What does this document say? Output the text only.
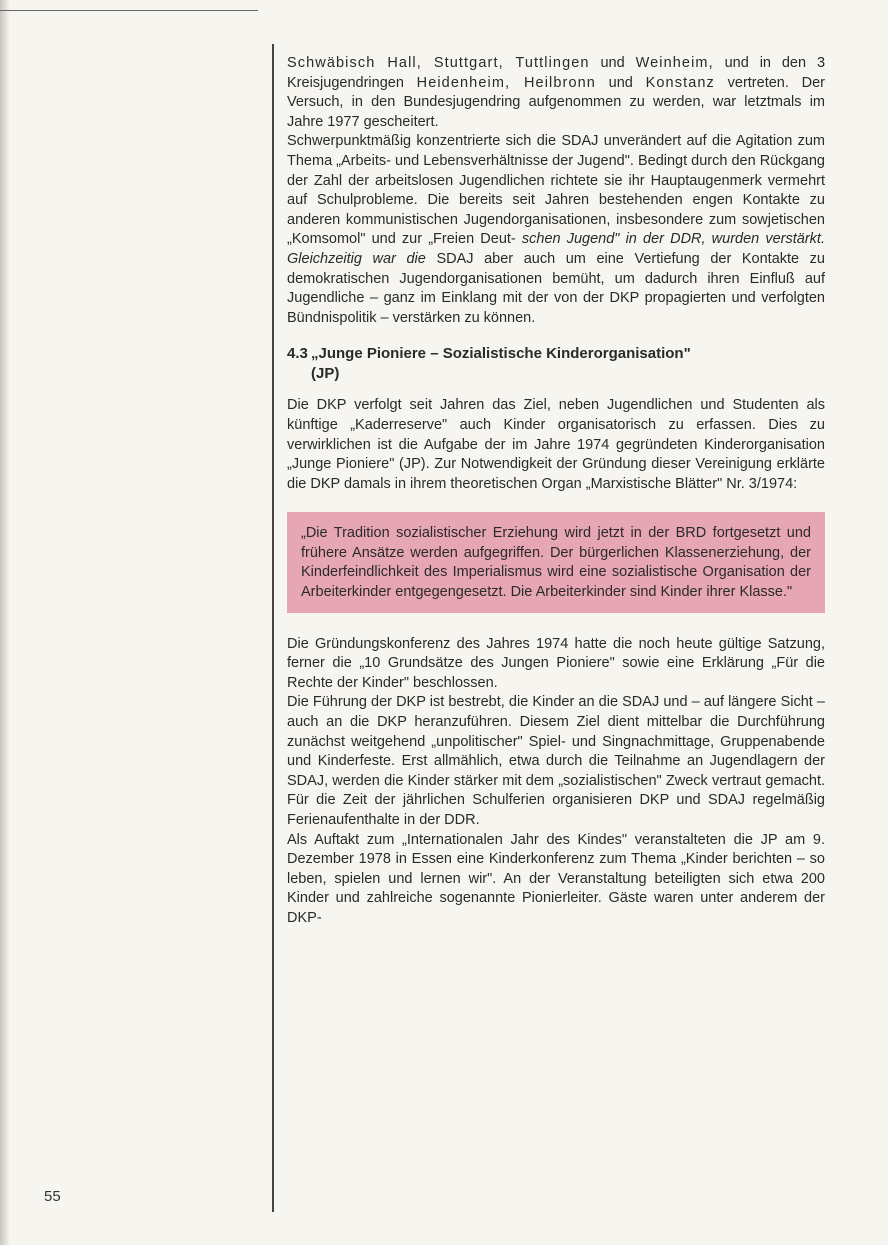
55

Schwäbisch Hall, Stuttgart, Tuttlingen und Weinheim, und in den 3 Kreisjugendringen Heidenheim, Heilbronn und Konstanz vertreten. Der Versuch, in den Bundesjugendring aufgenommen zu werden, war letztmals im Jahre 1977 gescheitert.

Schwerpunktmäßig konzentrierte sich die SDAJ unverändert auf die Agitation zum Thema „Arbeits- und Lebensverhältnisse der Jugend". Bedingt durch den Rückgang der Zahl der arbeitslosen Jugendlichen richtete sie ihr Hauptaugenmerk vermehrt auf Schulprobleme. Die bereits seit Jahren bestehenden engen Kontakte zu anderen kommunistischen Jugendorganisationen, insbesondere zum sowjetischen „Komsomol" und zur „Freien Deut- schen Jugend" in der DDR, wurden verstärkt. Gleichzeitig war die SDAJ aber auch um eine Vertiefung der Kontakte zu demokratischen Jugendorganisationen bemüht, um dadurch ihren Einfluß auf Jugendliche – ganz im Einklang mit der von der DKP propagierten und verfolgten Bündnispolitik – verstärken zu können.

4.3 „Junge Pioniere – Sozialistische Kinderorganisation"
(JP)

Die DKP verfolgt seit Jahren das Ziel, neben Jugendlichen und Studenten als künftige „Kaderreserve" auch Kinder organisatorisch zu erfassen. Dies zu verwirklichen ist die Aufgabe der im Jahre 1974 gegründeten Kinderorganisation „Junge Pioniere" (JP). Zur Notwendigkeit der Gründung dieser Vereinigung erklärte die DKP damals in ihrem theoretischen Organ „Marxistische Blätter" Nr. 3/1974:

„Die Tradition sozialistischer Erziehung wird jetzt in der BRD fortgesetzt und frühere Ansätze werden aufgegriffen. Der bürgerlichen Klassenerziehung, der Kinderfeindlichkeit des Imperialismus wird eine sozialistische Organisation der Arbeiterkinder entgegengesetzt. Die Arbeiterkinder sind Kinder ihrer Klasse."

Die Gründungskonferenz des Jahres 1974 hatte die noch heute gültige Satzung, ferner die „10 Grundsätze des Jungen Pioniere" sowie eine Erklärung „Für die Rechte der Kinder" beschlossen.

Die Führung der DKP ist bestrebt, die Kinder an die SDAJ und – auf längere Sicht – auch an die DKP heranzuführen. Diesem Ziel dient mittelbar die Durchführung zunächst weitgehend „unpolitischer" Spiel- und Singnachmittage, Gruppenabende und Kinderfeste. Erst allmählich, etwa durch die Teilnahme an Jugendlagern der SDAJ, werden die Kinder stärker mit dem „sozialistischen" Zweck vertraut gemacht. Für die Zeit der jährlichen Schulferien organisieren DKP und SDAJ regelmäßig Ferienaufenthalte in der DDR.

Als Auftakt zum „Internationalen Jahr des Kindes" veranstalteten die JP am 9. Dezember 1978 in Essen eine Kinderkonferenz zum Thema „Kinder berichten – so leben, spielen und lernen wir". An der Veranstaltung beteiligten sich etwa 200 Kinder und zahlreiche sogenannte Pionierleiter. Gäste waren unter anderem der DKP-
